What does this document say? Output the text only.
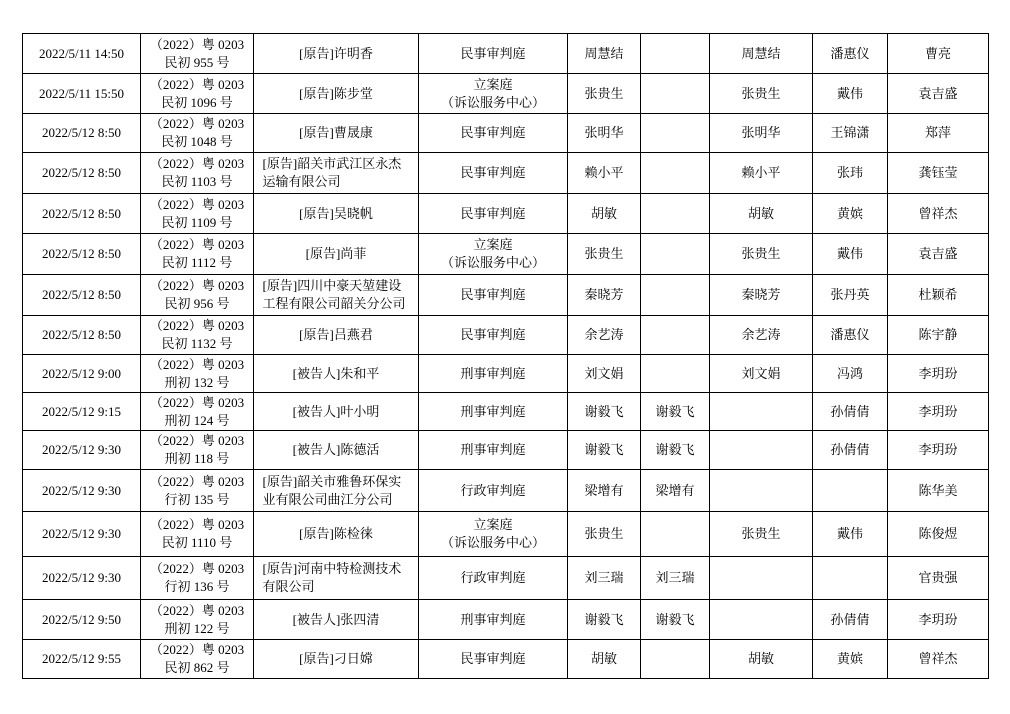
2022/5/11 14:50	（2022）粤 0203
民初 955 号	[原告]许明香	民事审判庭	周慧结		周慧结	潘惠仪	曹亮
2022/5/11 15:50	（2022）粤 0203
民初 1096 号	[原告]陈步堂	立案庭
（诉讼服务中心）	张贵生		张贵生	戴伟	袁吉盛
2022/5/12 8:50	（2022）粤 0203
民初 1048 号	[原告]曹晟康	民事审判庭	张明华		张明华	王锦潇	郑萍
2022/5/12 8:50	（2022）粤 0203
民初 1103 号	[原告]韶关市武江区永杰运输有限公司	民事审判庭	赖小平		赖小平	张玮	龚钰莹
2022/5/12 8:50	（2022）粤 0203
民初 1109 号	[原告]吴晓帆	民事审判庭	胡敏		胡敏	黄嫔	曾祥杰
2022/5/12 8:50	（2022）粤 0203
民初 1112 号	[原告]尚菲	立案庭
（诉讼服务中心）	张贵生		张贵生	戴伟	袁吉盛
2022/5/12 8:50	（2022）粤 0203
民初 956 号	[原告]四川中豪天堃建设工程有限公司韶关分公司	民事审判庭	秦晓芳		秦晓芳	张丹英	杜颖希
2022/5/12 8:50	（2022）粤 0203
民初 1132 号	[原告]吕燕君	民事审判庭	余艺涛		余艺涛	潘惠仪	陈宇静
2022/5/12 9:00	（2022）粤 0203
刑初 132 号	[被告人]朱和平	刑事审判庭	刘文娟		刘文娟	冯鸿	李玥玢
2022/5/12 9:15	（2022）粤 0203
刑初 124 号	[被告人]叶小明	刑事审判庭	谢毅飞	谢毅飞		孙倩倩	李玥玢
2022/5/12 9:30	（2022）粤 0203
刑初 118 号	[被告人]陈德活	刑事审判庭	谢毅飞	谢毅飞		孙倩倩	李玥玢
2022/5/12 9:30	（2022）粤 0203
行初 135 号	[原告]韶关市雅鲁环保实业有限公司曲江分公司	行政审判庭	梁增有	梁增有			陈华美
2022/5/12 9:30	（2022）粤 0203
民初 1110 号	[原告]陈检徕	立案庭
（诉讼服务中心）	张贵生		张贵生	戴伟	陈俊煜
2022/5/12 9:30	（2022）粤 0203
行初 136 号	[原告]河南中特检测技术有限公司	行政审判庭	刘三瑞	刘三瑞			官贵强
2022/5/12 9:50	（2022）粤 0203
刑初 122 号	[被告人]张四清	刑事审判庭	谢毅飞	谢毅飞		孙倩倩	李玥玢
2022/5/12 9:55	（2022）粤 0203
民初 862 号	[原告]刁日嫦	民事审判庭	胡敏		胡敏	黄嫔	曾祥杰
